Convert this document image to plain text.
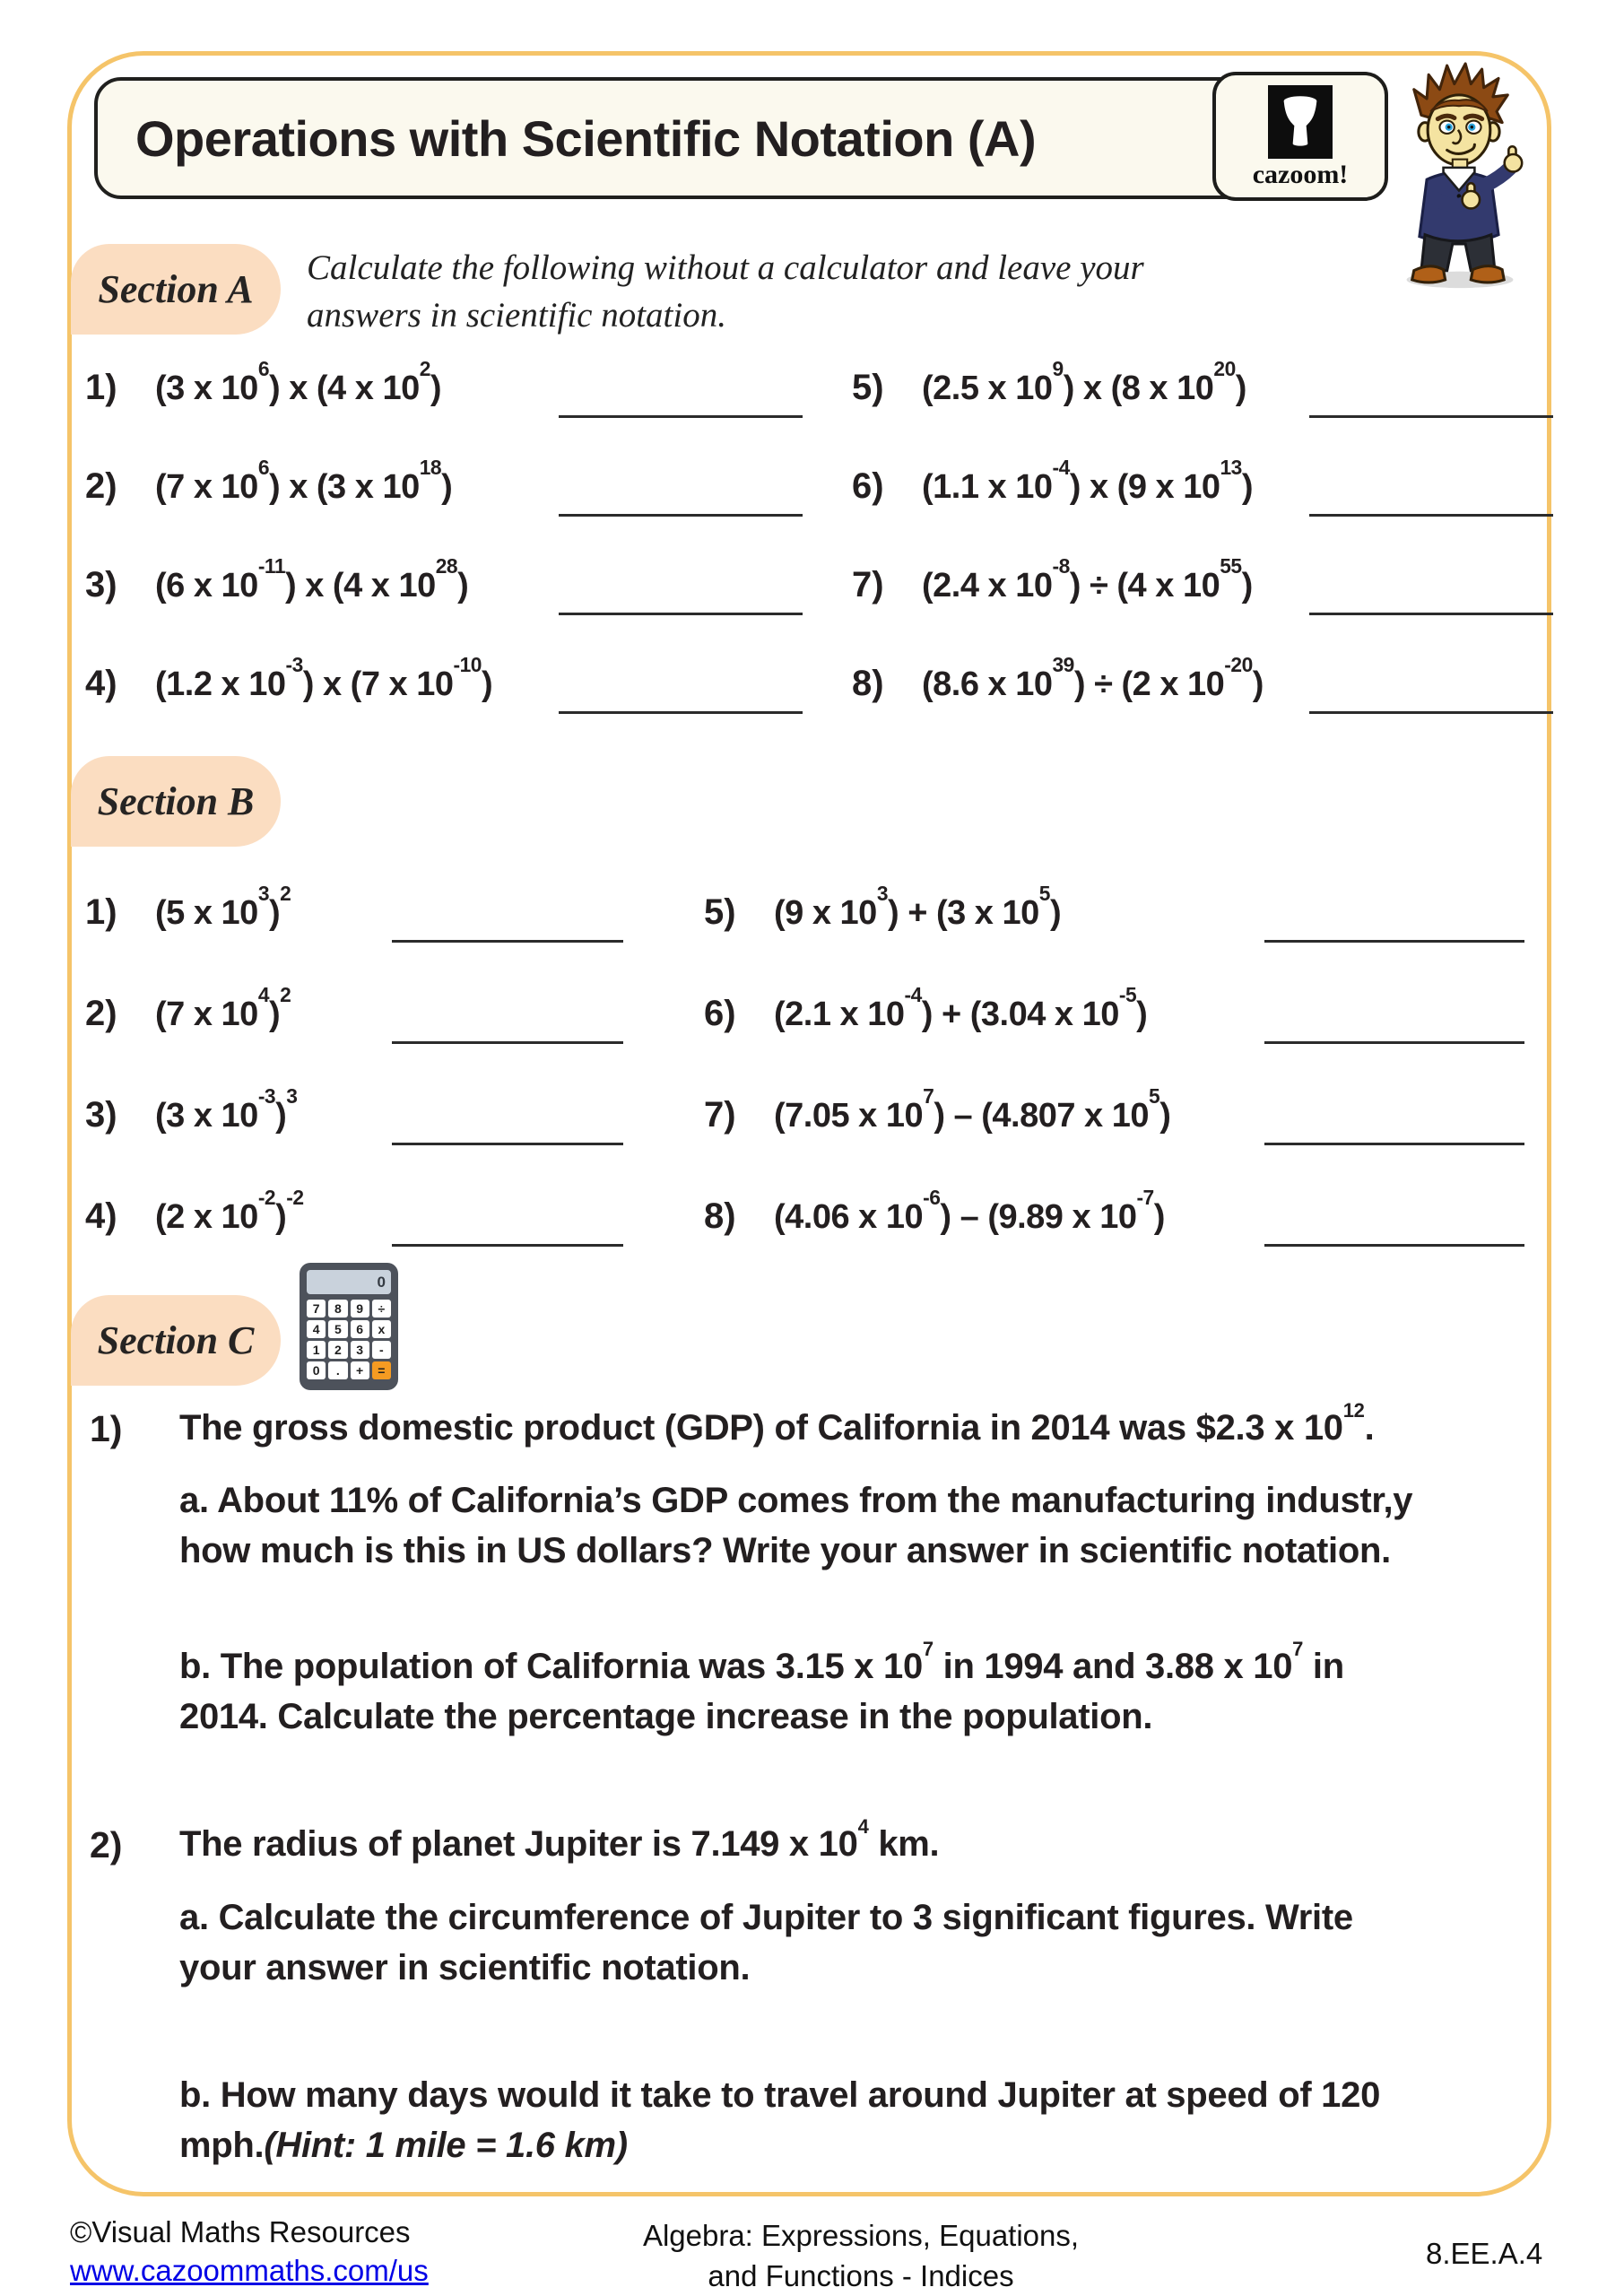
Operations with Scientific Notation (A)
cazoom!
Section A Calculate the following without a calculator and leave your
answers in scientific notation.
1)	(3 x $10^6$) x (4 x $10^2$)
2)	(7 x $10^6$) x (3 x $10^{18}$)
3)	(6 x $10^{-11}$) x (4 x $10^{28}$)
4)	(1.2 x $10^{-3}$) x (7 x $10^{-10}$)
5)	(2.5 x $10^9$) x (8 x $10^{20}$)
6)	(1.1 x $10^{-4}$) x (9 x $10^{13}$)
7)	(2.4 x $10^{-8}) \div (4$ x $10^{55}$)
8)	(8.6 x $10^{39}) \div (2$ x $10^{-20}$)
Section B
1)	(5 x $10^3)^2$
2)	(7 x $10^4)^2$
3)	(3 x $10^{-3})^3$
4)	(2 x $10^{-2})^{-2}$
5)	(9 x $10^3) + (3$ x $10^5$)
6)	(2.1 x $10^{-4}) + (3.04$ x $10^{-5}$)
7)	(7.05 x $10^7) - (4.807$ x $10^5$)
8)	(4.06 x $10^{-6}) - (9.89$ x $10^{-7}$)
Section C
0
7	8	9	÷
4	5	6	x
1	2	3	-
0	.	+	=
1) The gross domestic product (GDP) of California in 2014 was $2.3 x $10^{12}$.
a. About 11% of California’s GDP comes from the manufacturing industr,y how much is this in US dollars? Write your answer in scientific notation.
b. The population of California was 3.15 x $10^7$ in 1994 and 3.88 x $10^7$ in 2014. Calculate the percentage increase in the population.
2) The radius of planet Jupiter is 7.149 x $10^4$ km.
a. Calculate the circumference of Jupiter to 3 significant figures. Write your answer in scientific notation.
b. How many days would it take to travel around Jupiter at speed of 120 mph.(Hint: 1 mile = 1.6 km)
©Visual Maths Resources
www.cazoommaths.com/us
Algebra: Expressions, Equations,
and Functions - Indices
8.EE.A.4
